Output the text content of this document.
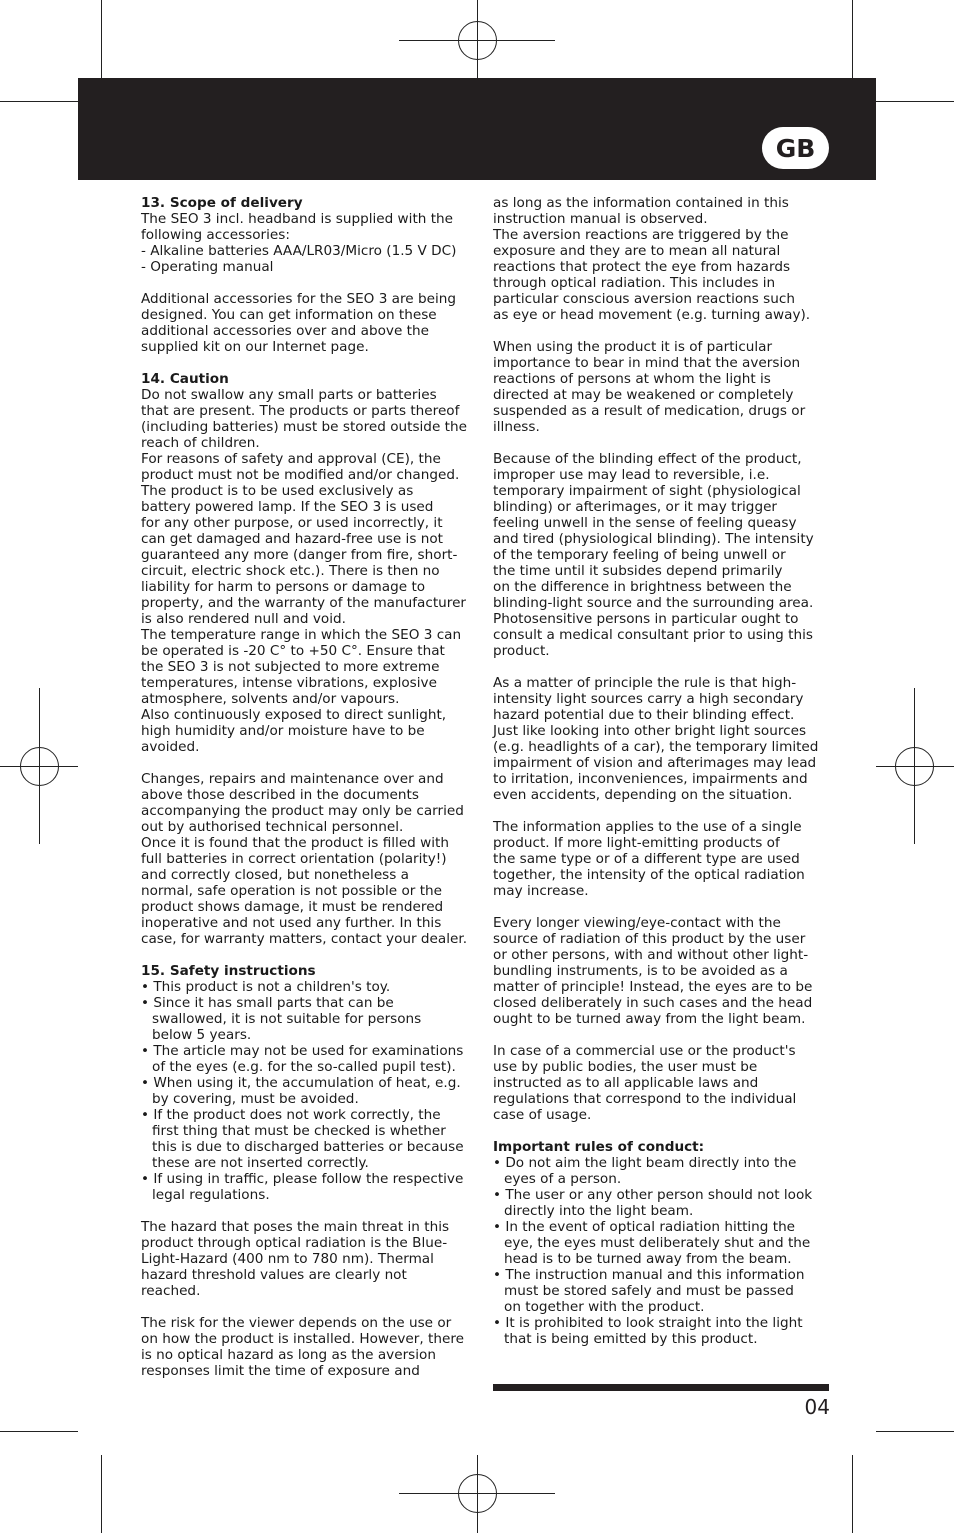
GB
13. Scope of delivery
The SEO 3 incl. headband is supplied with the
following accessories:
- Alkaline batteries AAA/LR03/Micro (1.5 V DC)
- Operating manual
Additional accessories for the SEO 3 are being
designed. You can get information on these
additional accessories over and above the
supplied kit on our Internet page.
14. Caution
Do not swallow any small parts or batteries
that are present. The products or parts thereof
(including batteries) must be stored outside the
reach of children.
For reasons of safety and approval (CE), the
product must not be modified and/or changed.
The product is to be used exclusively as
battery powered lamp. If the SEO 3 is used
for any other purpose, or used incorrectly, it
can get damaged and hazard-free use is not
guaranteed any more (danger from fire, short-
circuit, electric shock etc.). There is then no
liability for harm to persons or damage to
property, and the warranty of the manufacturer
is also rendered null and void.
The temperature range in which the SEO 3 can
be operated is -20 C° to +50 C°. Ensure that
the SEO 3 is not subjected to more extreme
temperatures, intense vibrations, explosive
atmosphere, solvents and/or vapours.
Also continuously exposed to direct sunlight,
high humidity and/or moisture have to be
avoided.
Changes, repairs and maintenance over and
above those described in the documents
accompanying the product may only be carried
out by authorised technical personnel.
Once it is found that the product is filled with
full batteries in correct orientation (polarity!)
and correctly closed, but nonetheless a
normal, safe operation is not possible or the
product shows damage, it must be rendered
inoperative and not used any further. In this
case, for warranty matters, contact your dealer.
15. Safety instructions
• This product is not a children's toy.
• Since it has small parts that can be
swallowed, it is not suitable for persons
below 5 years.
• The article may not be used for examinations
of the eyes (e.g. for the so-called pupil test).
• When using it, the accumulation of heat, e.g.
by covering, must be avoided.
• If the product does not work correctly, the
first thing that must be checked is whether
this is due to discharged batteries or because
these are not inserted correctly.
• If using in traffic, please follow the respective
legal regulations.
The hazard that poses the main threat in this
product through optical radiation is the Blue-
Light-Hazard (400 nm to 780 nm). Thermal
hazard threshold values are clearly not
reached.
The risk for the viewer depends on the use or
on how the product is installed. However, there
is no optical hazard as long as the aversion
responses limit the time of exposure and
as long as the information contained in this
instruction manual is observed.
The aversion reactions are triggered by the
exposure and they are to mean all natural
reactions that protect the eye from hazards
through optical radiation. This includes in
particular conscious aversion reactions such
as eye or head movement (e.g. turning away).
When using the product it is of particular
importance to bear in mind that the aversion
reactions of persons at whom the light is
directed at may be weakened or completely
suspended as a result of medication, drugs or
illness.
Because of the blinding effect of the product,
improper use may lead to reversible, i.e.
temporary impairment of sight (physiological
blinding) or afterimages, or it may trigger
feeling unwell in the sense of feeling queasy
and tired (physiological blinding). The intensity
of the temporary feeling of being unwell or
the time until it subsides depend primarily
on the difference in brightness between the
blinding-light source and the surrounding area.
Photosensitive persons in particular ought to
consult a medical consultant prior to using this
product.
As a matter of principle the rule is that high-
intensity light sources carry a high secondary
hazard potential due to their blinding effect.
Just like looking into other bright light sources
(e.g. headlights of a car), the temporary limited
impairment of vision and afterimages may lead
to irritation, inconveniences, impairments and
even accidents, depending on the situation.
The information applies to the use of a single
product. If more light-emitting products of
the same type or of a different type are used
together, the intensity of the optical radiation
may increase.
Every longer viewing/eye-contact with the
source of radiation of this product by the user
or other persons, with and without other light-
bundling instruments, is to be avoided as a
matter of principle! Instead, the eyes are to be
closed deliberately in such cases and the head
ought to be turned away from the light beam.
In case of a commercial use or the product's
use by public bodies, the user must be
instructed as to all applicable laws and
regulations that correspond to the individual
case of usage.
Important rules of conduct:
• Do not aim the light beam directly into the
eyes of a person.
• The user or any other person should not look
directly into the light beam.
• In the event of optical radiation hitting the
eye, the eyes must deliberately shut and the
head is to be turned away from the beam.
• The instruction manual and this information
must be stored safely and must be passed
on together with the product.
• It is prohibited to look straight into the light
that is being emitted by this product.
04
